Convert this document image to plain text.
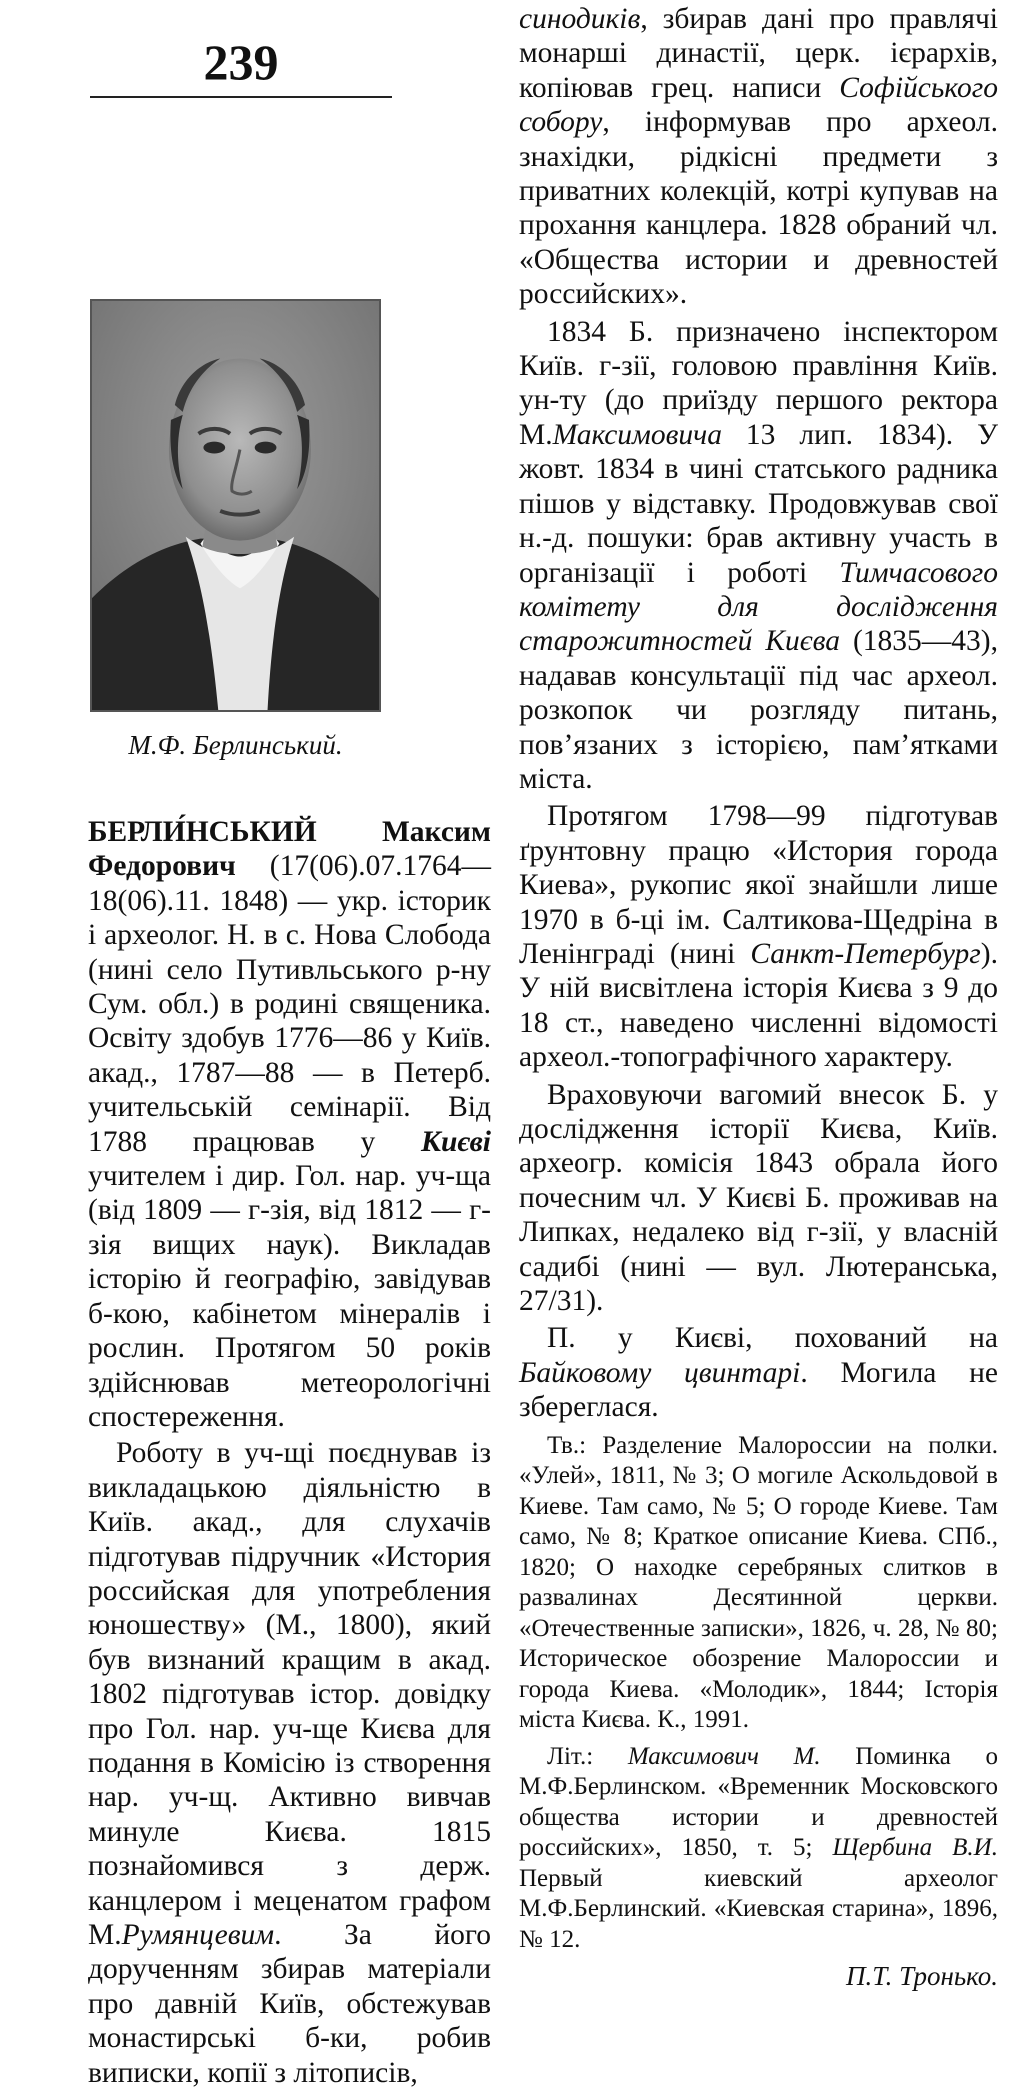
239
М.Ф. Берлинський.

БЕРЛИ́НСЬКИЙ Максим Федорович (17(06).07.1764—18(06).11. 1848) — укр. історик і археолог. Н. в с. Нова Слобода (нині село Путивльського р-ну Сум. обл.) в родині священика. Освіту здобув 1776—86 у Київ. акад., 1787—88 — в Петерб. учительській семінарії. Від 1788 працював у Києві учителем і дир. Гол. нар. уч-ща (від 1809 — г-зія, від 1812 — г-зія вищих наук). Викладав історію й географію, завідував б-кою, кабінетом мінералів і рослин. Протягом 50 років здійснював метеорологічні спостереження.

Роботу в уч-щі поєднував із викладацькою діяльністю в Київ. акад., для слухачів підготував підручник «История российская для употребления юношеству» (М., 1800), який був визнаний кращим в акад. 1802 підготував істор. довідку про Гол. нар. уч-ще Києва для подання в Комісію із створення нар. уч-щ. Активно вивчав минуле Києва. 1815 познайомився з держ. канцлером і меценатом графом М.Румянцевим. За його дорученням збирав матеріали про давній Київ, обстежував монастирські б-ки, робив виписки, копії з літописів,

синодиків, збирав дані про правлячі монарші династії, церк. ієрархів, копіював грец. написи Софійського собору, інформував про археол. знахідки, рідкісні предмети з приватних колекцій, котрі купував на прохання канцлера. 1828 обраний чл. «Общества истории и древностей российских».

1834 Б. призначено інспектором Київ. г-зії, головою правління Київ. ун-ту (до приїзду першого ректора М.Максимовича 13 лип. 1834). У жовт. 1834 в чині статського радника пішов у відставку. Продовжував свої н.-д. пошуки: брав активну участь в організації і роботі Тимчасового комітету для дослідження старожитностей Києва (1835—43), надавав консультації під час археол. розкопок чи розгляду питань, пов’язаних з історією, пам’ятками міста.

Протягом 1798—99 підготував ґрунтовну працю «История города Киева», рукопис якої знайшли лише 1970 в б-ці ім. Салтикова-Щедріна в Ленінграді (нині Санкт-Петербург). У ній висвітлена історія Києва з 9 до 18 ст., наведено численні відомості археол.-топографічного характеру.

Враховуючи вагомий внесок Б. у дослідження історії Києва, Київ. археогр. комісія 1843 обрала його почесним чл. У Києві Б. проживав на Липках, недалеко від г-зії, у власній садибі (нині — вул. Лютеранська, 27/31).

П. у Києві, похований на Байковому цвинтарі. Могила не збереглася.

Тв.: Разделение Малороссии на полки. «Улей», 1811, № 3; О могиле Аскольдовой в Киеве. Там само, № 5; О городе Киеве. Там само, № 8; Краткое описание Киева. СПб., 1820; О находке серебряных слитков в развалинах Десятинной церкви. «Отечественные записки», 1826, ч. 28, № 80; Историческое обозрение Малороссии и города Киева. «Молодик», 1844; Історія міста Києва. К., 1991.

Літ.: Максимович М. Поминка о М.Ф.Берлинском. «Временник Московского общества истории и древностей российских», 1850, т. 5; Щербина В.И. Первый киевский археолог М.Ф.Берлинский. «Киевская старина», 1896, № 12.

П.Т. Тронько.
